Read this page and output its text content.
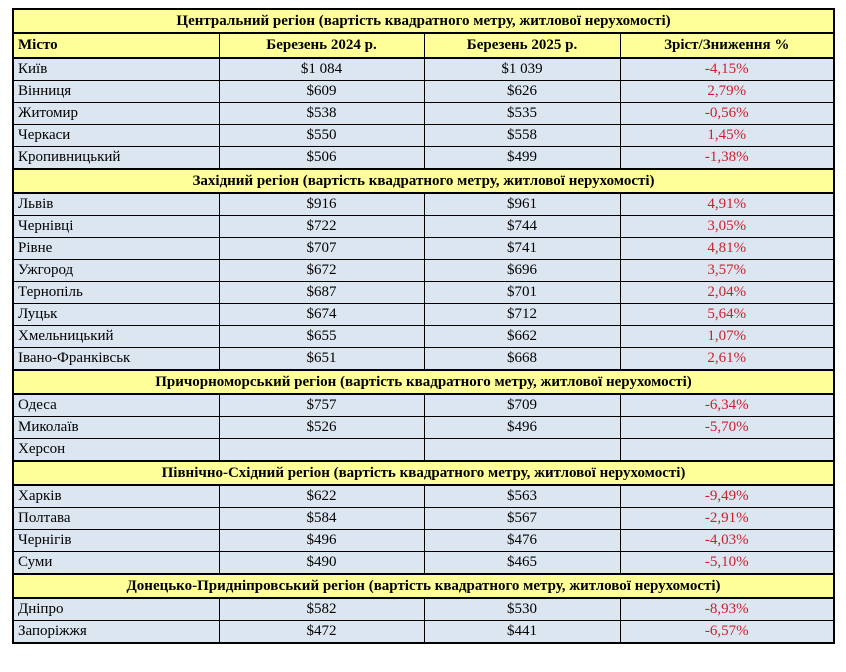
Центральний регіон (вартість квадратного метру, житлової нерухомості)			
Місто	Березень 2024 р.	Березень 2025 р.	Зріст/Зниження %
Київ	$1 084	$1 039	-4,15%
Вінниця	$609	$626	2,79%
Житомир	$538	$535	-0,56%
Черкаси	$550	$558	1,45%
Кропивницький	$506	$499	-1,38%
Західний регіон (вартість квадратного метру, житлової нерухомості)			
Львів	$916	$961	4,91%
Чернівці	$722	$744	3,05%
Рівне	$707	$741	4,81%
Ужгород	$672	$696	3,57%
Тернопіль	$687	$701	2,04%
Луцьк	$674	$712	5,64%
Хмельницький	$655	$662	1,07%
Івано-Франківськ	$651	$668	2,61%
Причорноморський регіон (вартість квадратного метру, житлової нерухомості)			
Одеса	$757	$709	-6,34%
Миколаїв	$526	$496	-5,70%
Херсон			
Північно-Східний регіон (вартість квадратного метру, житлової нерухомості)			
Харків	$622	$563	-9,49%
Полтава	$584	$567	-2,91%
Чернігів	$496	$476	-4,03%
Суми	$490	$465	-5,10%
Донецько-Придніпровський регіон (вартість квадратного метру, житлової нерухомості)			
Дніпро	$582	$530	-8,93%
Запоріжжя	$472	$441	-6,57%
